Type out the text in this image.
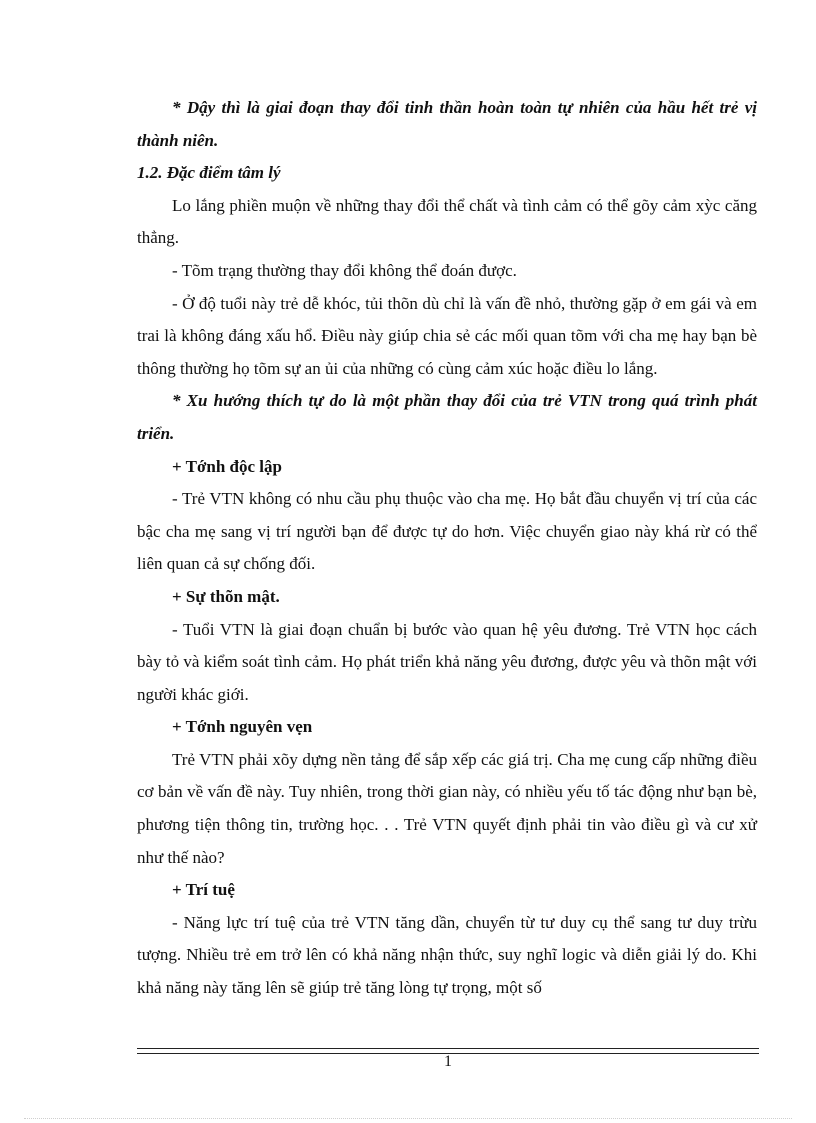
* Dậy thì là giai đoạn thay đổi tinh thần hoàn toàn tự nhiên của hầu hết trẻ vị thành niên.

1.2. Đặc điểm tâm lý

Lo lắng phiền muộn về những thay đổi thể chất và tình cảm có thể gõy cảm xỳc căng thẳng.

- Tõm trạng thường thay đổi không thể đoán được.

- Ở độ tuổi này trẻ dễ khóc, tủi thõn dù chỉ là vấn đề nhỏ, thường gặp ở em gái và em trai là không đáng xấu hổ. Điều này giúp chia sẻ các mối quan tõm với cha mẹ hay bạn bè thông thường họ tõm sự an ủi của những có cùng cảm xúc hoặc điều lo lắng.

* Xu hướng thích tự do là một phần thay đổi của trẻ VTN trong quá trình phát triển.

+ Tớnh độc lập

- Trẻ VTN không có nhu cầu phụ thuộc vào cha mẹ. Họ bắt đầu chuyển vị trí của các bậc cha mẹ sang vị trí người bạn để được tự do hơn. Việc chuyển giao này khá rừ có thể liên quan cả sự chống đối.

+ Sự thõn mật.

- Tuổi VTN là giai đoạn chuẩn bị bước vào quan hệ yêu đương. Trẻ VTN học cách bày tỏ và kiểm soát tình cảm. Họ phát triển khả năng yêu đương, được yêu và thõn mật với người khác giới.

+ Tớnh nguyên vẹn

Trẻ VTN phải xõy dựng nền tảng để sắp xếp các giá trị. Cha mẹ cung cấp những điều cơ bản về vấn đề này. Tuy nhiên, trong thời gian này, có nhiều yếu tố tác động như bạn bè, phương tiện thông tin, trường học. . . Trẻ VTN quyết định phải tin vào điều gì và cư xử như thế nào?

+ Trí tuệ

- Năng lực trí tuệ của trẻ VTN tăng dần, chuyển từ tư duy cụ thể sang tư duy trừu tượng. Nhiều trẻ em trở lên có khả năng nhận thức, suy nghĩ logic và diễn giải lý do. Khi khả năng này tăng lên sẽ giúp trẻ tăng lòng tự trọng, một số

1
